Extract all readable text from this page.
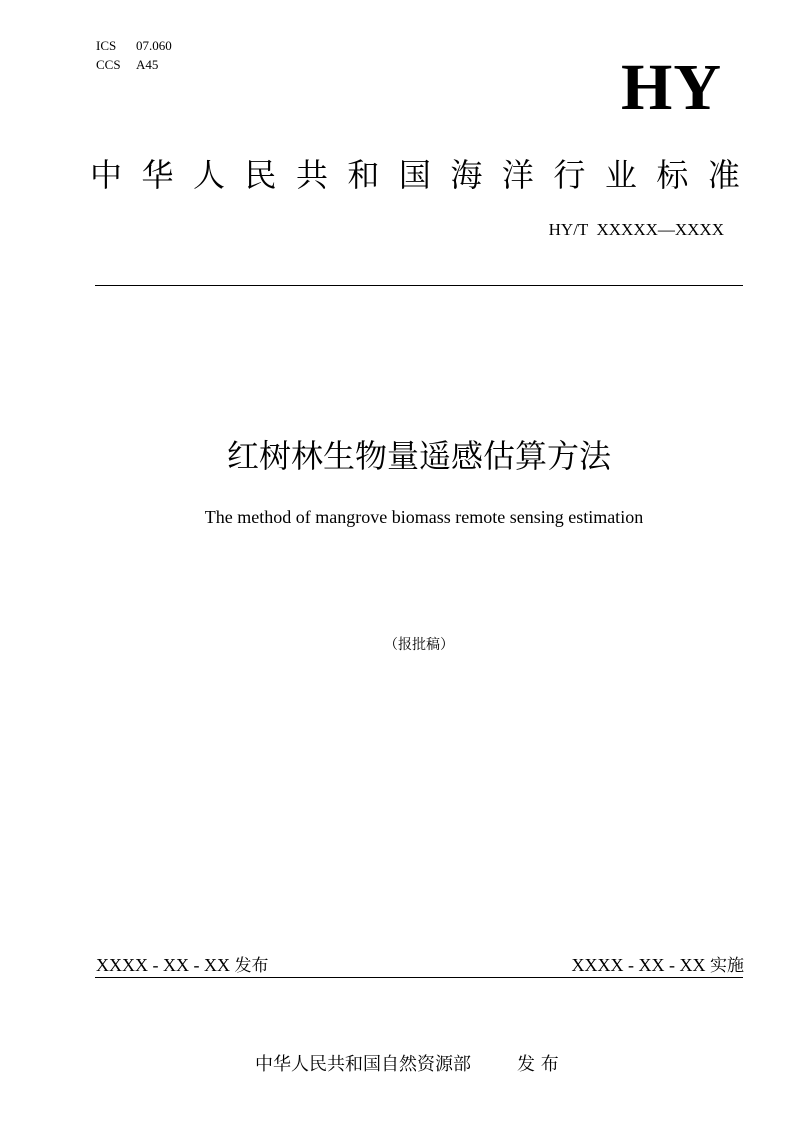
ICS 07.060
CCS A45	HY
中 华 人 民 共 和 国 海 洋 行 业 标 准
HY/T  XXXXX—XXXX
红树林生物量遥感估算方法
The method of mangrove biomass remote sensing estimation
（报批稿）
XXXX - XX - XX 发布	XXXX - XX - XX 实施
中华人民共和国自然资源部	发 布
